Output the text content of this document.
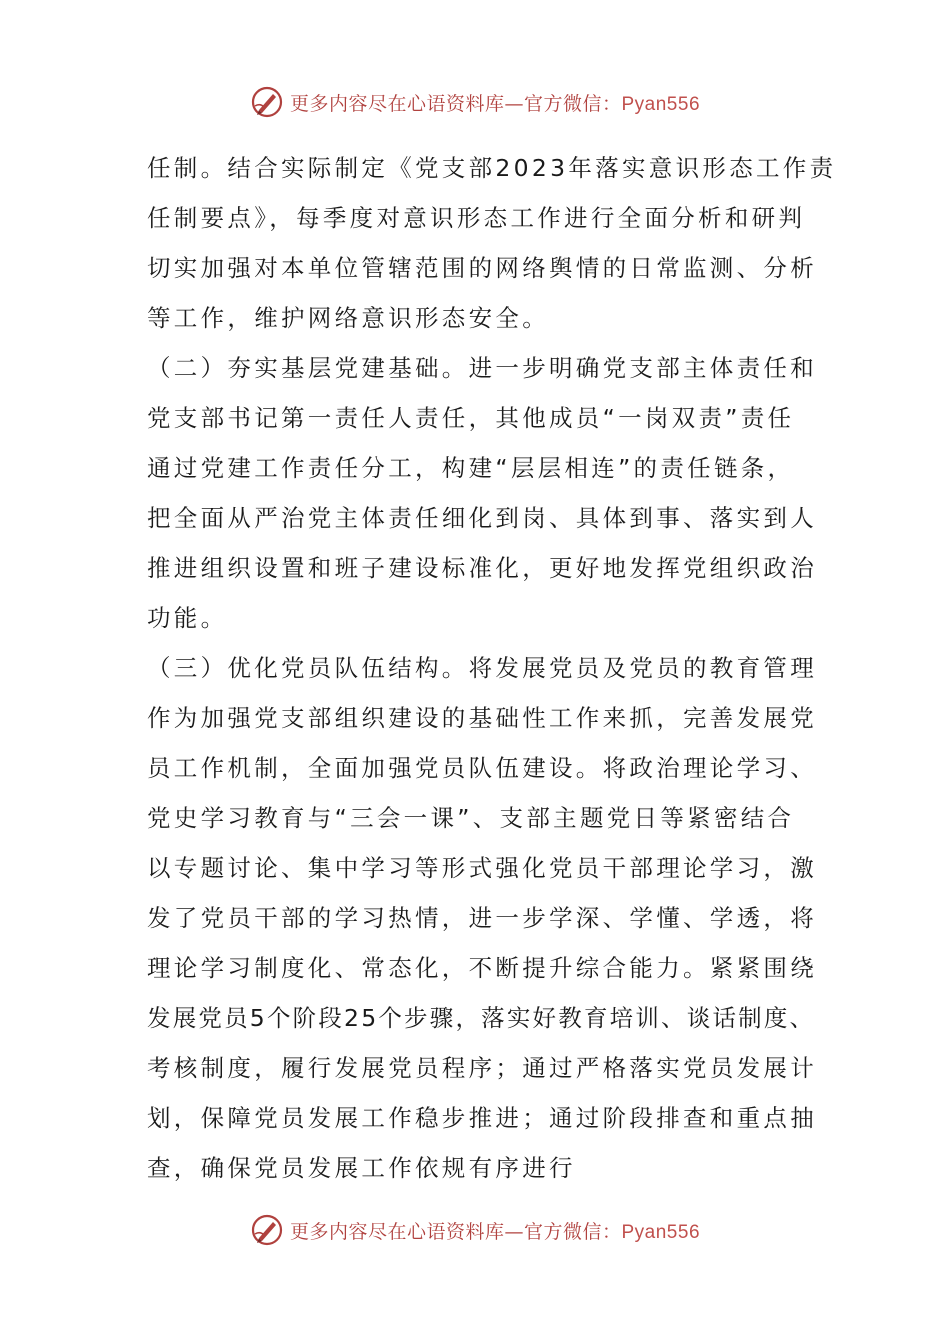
更多内容尽在心语资料库—官方微信：Pyan556
任制。结合实际制定《党支部2023年落实意识形态工作责
任制要点》，每季度对意识形态工作进行全面分析和研判
切实加强对本单位管辖范围的网络舆情的日常监测、分析
等工作，维护网络意识形态安全。
（二）夯实基层党建基础。进一步明确党支部主体责任和
党支部书记第一责任人责任，其他成员“一岗双责”责任
通过党建工作责任分工，构建“层层相连”的责任链条，
把全面从严治党主体责任细化到岗、具体到事、落实到人
推进组织设置和班子建设标准化，更好地发挥党组织政治
功能。
（三）优化党员队伍结构。将发展党员及党员的教育管理
作为加强党支部组织建设的基础性工作来抓，完善发展党
员工作机制，全面加强党员队伍建设。将政治理论学习、
党史学习教育与“三会一课”、支部主题党日等紧密结合
以专题讨论、集中学习等形式强化党员干部理论学习，激
发了党员干部的学习热情，进一步学深、学懂、学透，将
理论学习制度化、常态化，不断提升综合能力。紧紧围绕
发展党员5个阶段25个步骤，落实好教育培训、谈话制度、
考核制度，履行发展党员程序；通过严格落实党员发展计
划，保障党员发展工作稳步推进；通过阶段排查和重点抽
查，确保党员发展工作依规有序进行
更多内容尽在心语资料库—官方微信：Pyan556
